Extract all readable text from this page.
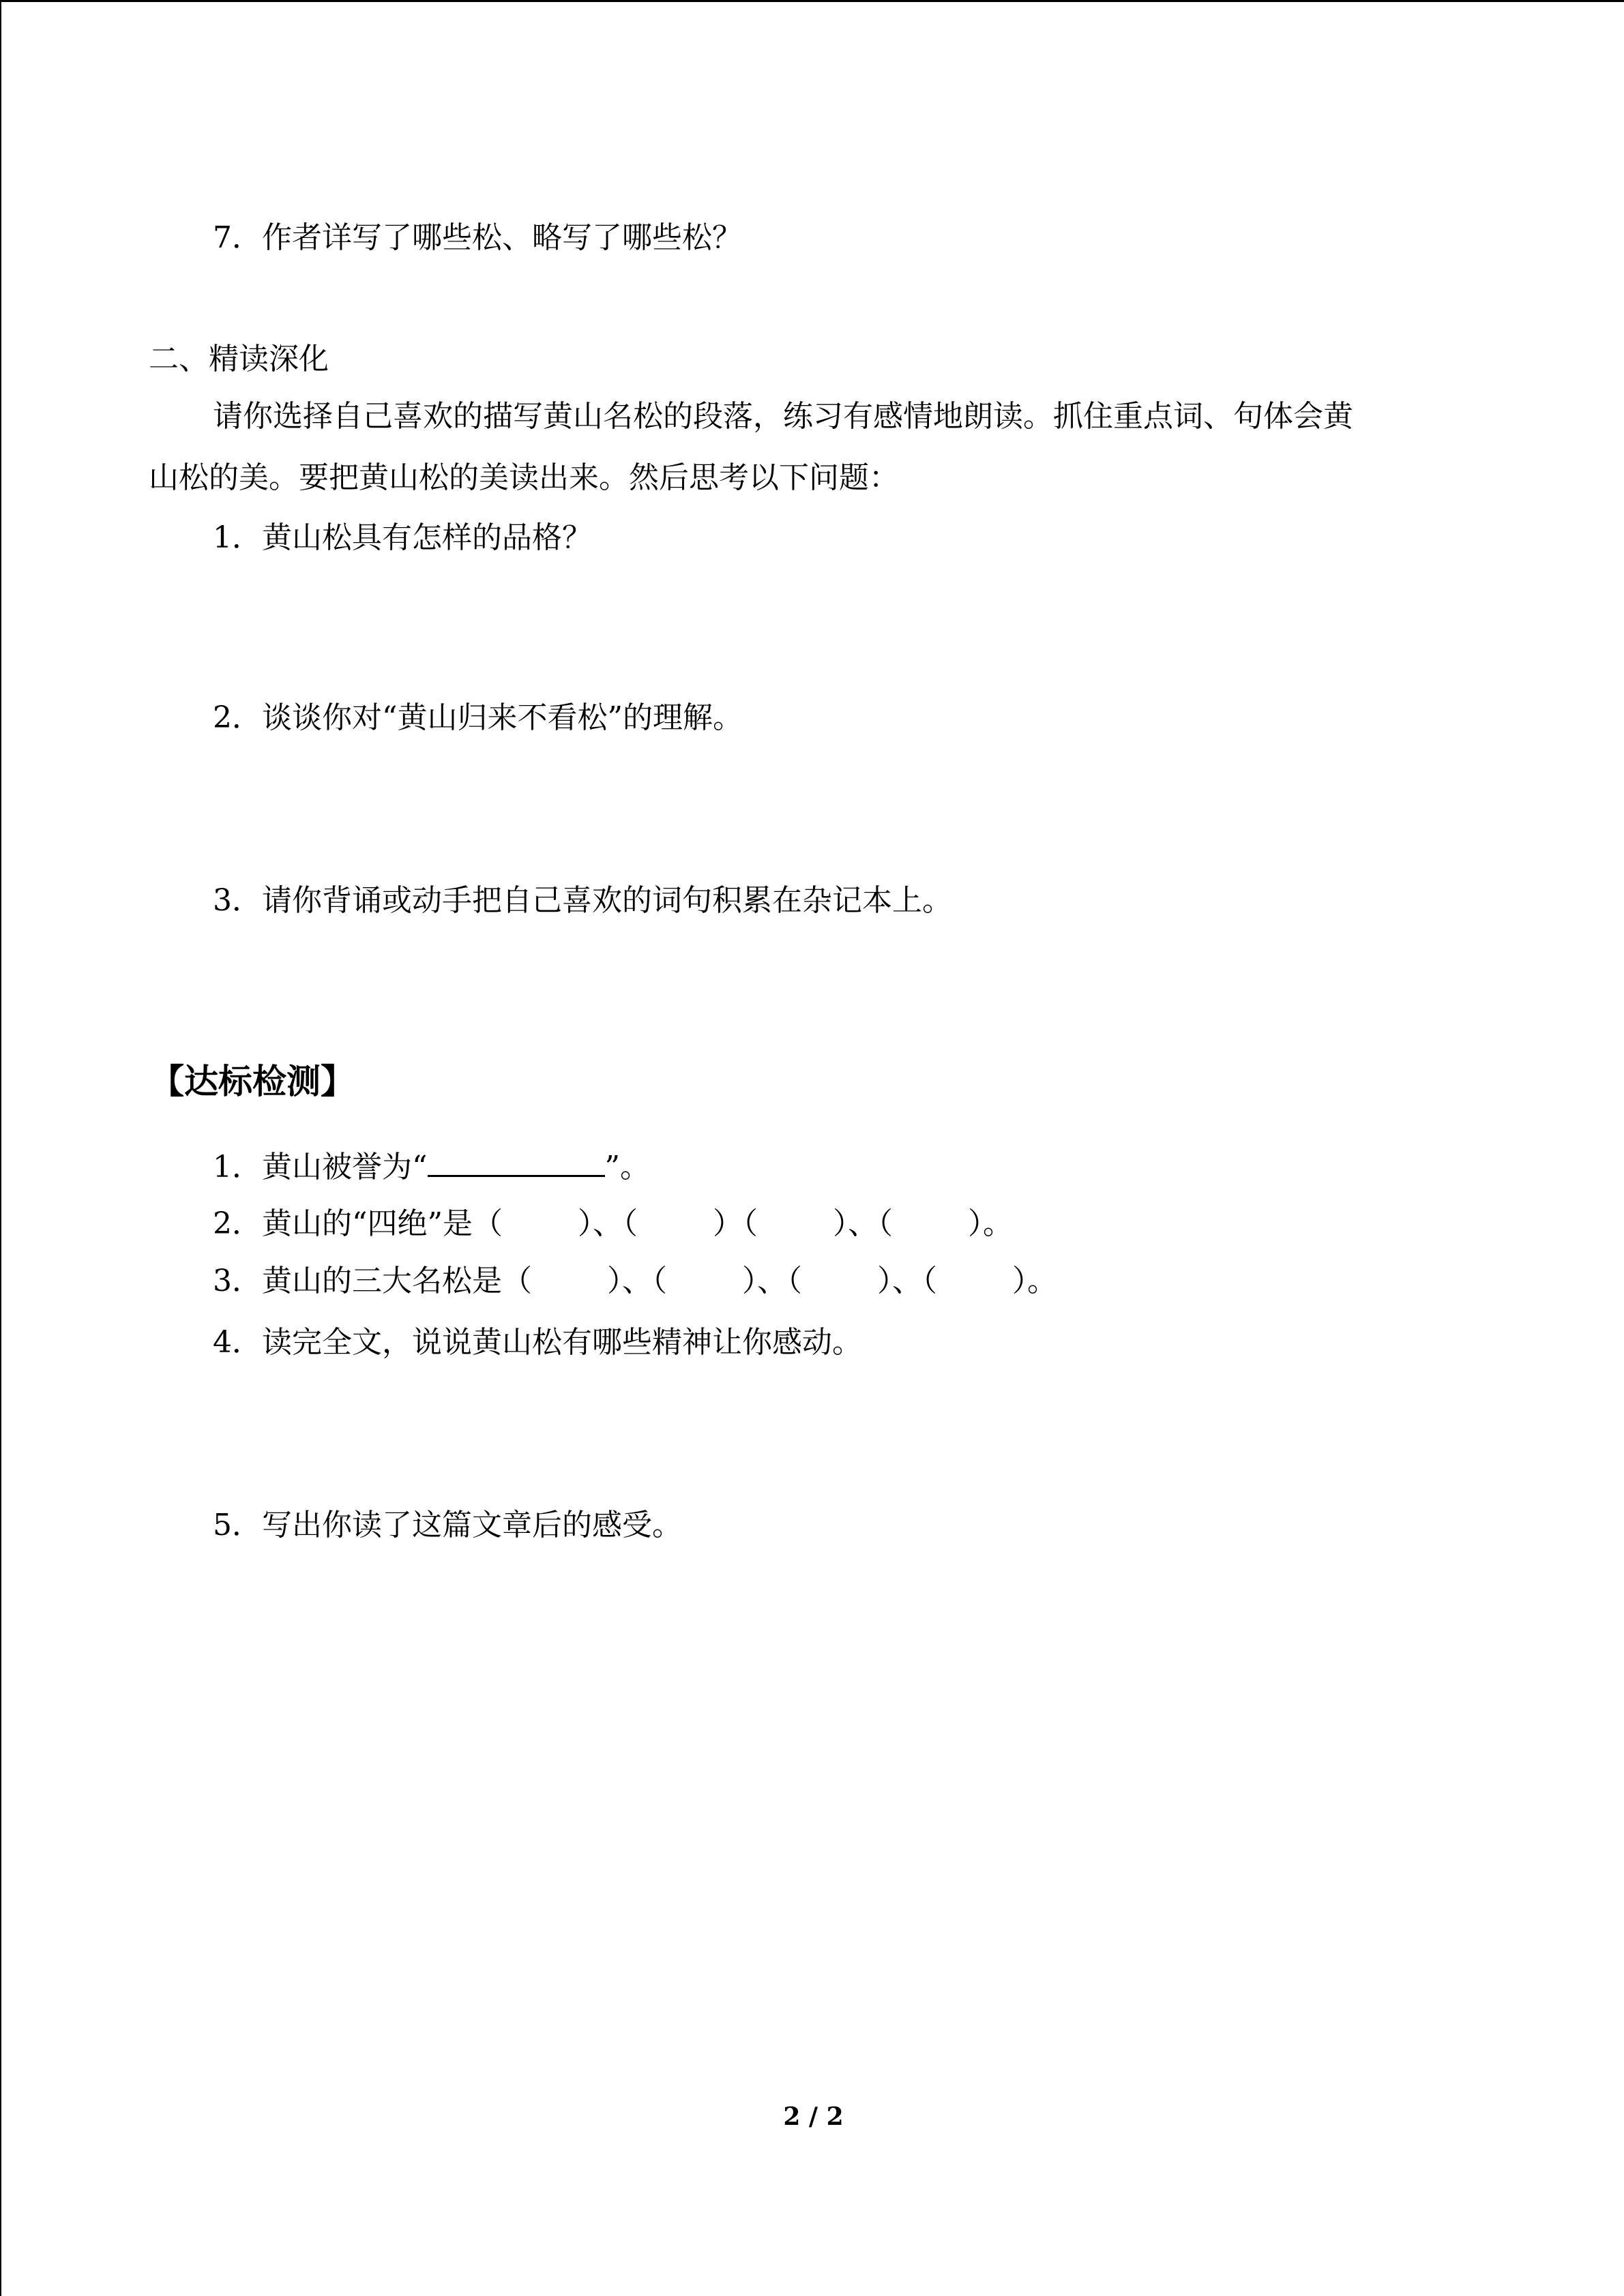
7．作者详写了哪些松、略写了哪些松？
二、精读深化
请你选择自己喜欢的描写黄山名松的段落，练习有感情地朗读。抓住重点词、句体会黄
山松的美。要把黄山松的美读出来。然后思考以下问题：
1．黄山松具有怎样的品格？
2．谈谈你对“黄山归来不看松”的理解。
3．请你背诵或动手把自己喜欢的词句积累在杂记本上。
【达标检测】
1．黄山被誉为“	”。
2．黄山的“四绝”是（	）、（	）（	）、（	）。
3．黄山的三大名松是（	）、（	）、（	）、（	）。
4．读完全文，说说黄山松有哪些精神让你感动。
5．写出你读了这篇文章后的感受。
2 / 2
